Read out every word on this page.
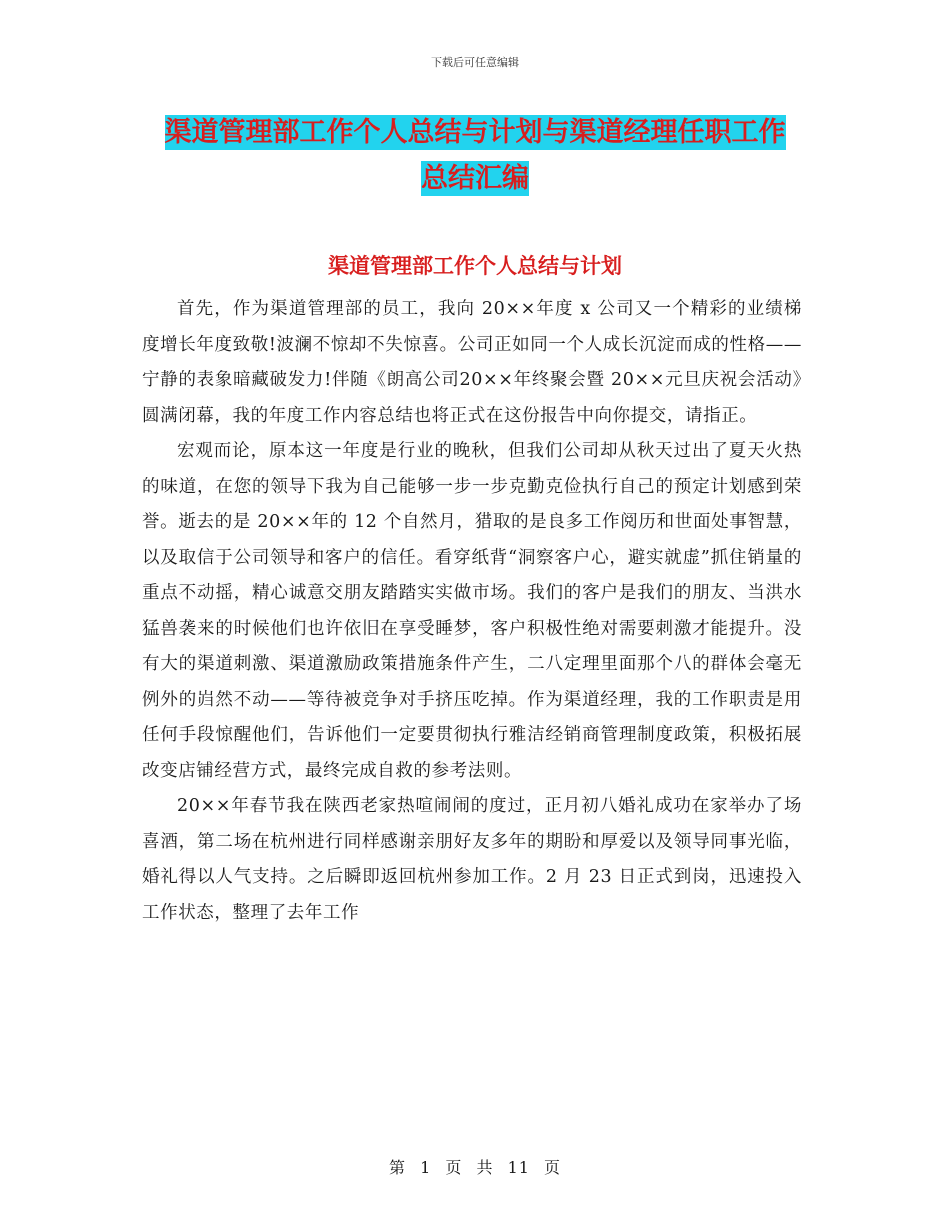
下载后可任意编辑
渠道管理部工作个人总结与计划与渠道经理任职工作
总结汇编
渠道管理部工作个人总结与计划

首先，作为渠道管理部的员工，我向 20××年度 x 公司又一个精彩的业绩梯度增长年度致敬!波澜不惊却不失惊喜。公司正如同一个人成长沉淀而成的性格——宁静的表象暗藏破发力!伴随《朗高公司20××年终聚会暨 20××元旦庆祝会活动》圆满闭幕，我的年度工作内容总结也将正式在这份报告中向你提交，请指正。

宏观而论，原本这一年度是行业的晚秋，但我们公司却从秋天过出了夏天火热的味道，在您的领导下我为自己能够一步一步克勤克俭执行自己的预定计划感到荣誉。逝去的是 20××年的 12 个自然月，猎取的是良多工作阅历和世面处事智慧，以及取信于公司领导和客户的信任。看穿纸背“洞察客户心，避实就虚”抓住销量的重点不动摇，精心诚意交朋友踏踏实实做市场。我们的客户是我们的朋友、当洪水猛兽袭来的时候他们也许依旧在享受睡梦，客户积极性绝对需要刺激才能提升。没有大的渠道刺激、渠道激励政策措施条件产生，二八定理里面那个八的群体会毫无例外的岿然不动——等待被竞争对手挤压吃掉。作为渠道经理，我的工作职责是用任何手段惊醒他们，告诉他们一定要贯彻执行雅洁经销商管理制度政策，积极拓展改变店铺经营方式，最终完成自救的参考法则。

20××年春节我在陕西老家热喧闹闹的度过，正月初八婚礼成功在家举办了场喜酒，第二场在杭州进行同样感谢亲朋好友多年的期盼和厚爱以及领导同事光临，婚礼得以人气支持。之后瞬即返回杭州参加工作。2 月 23 日正式到岗，迅速投入工作状态，整理了去年工作

第 1 页 共 11 页
